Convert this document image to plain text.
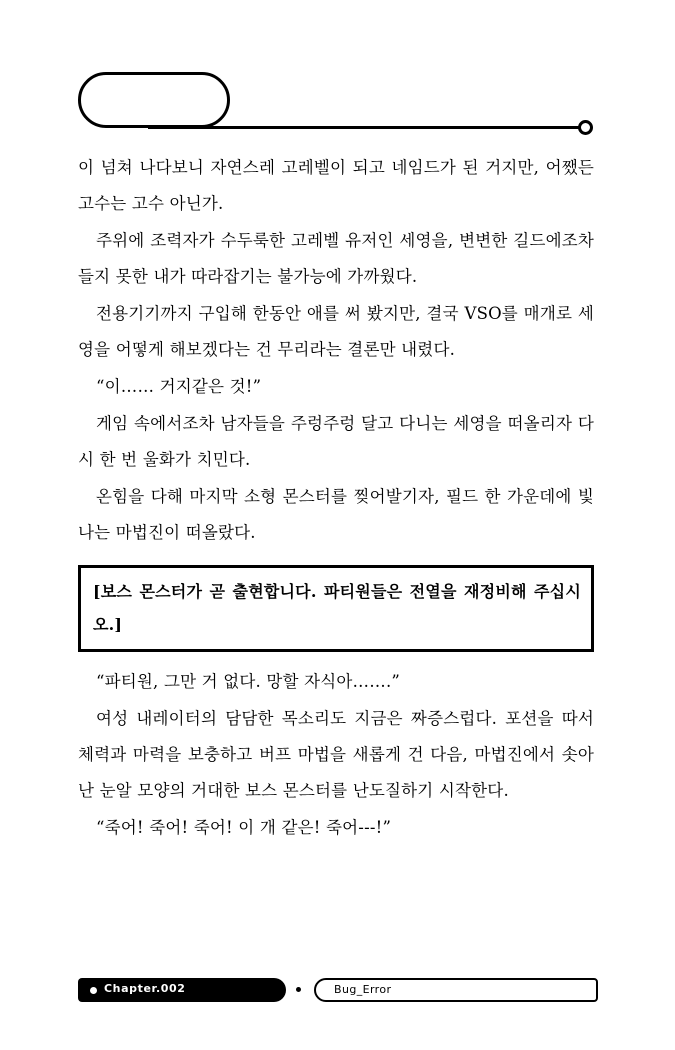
이 넘쳐 나다보니 자연스레 고레벨이 되고 네임드가 된 거지만, 어쨌든 고수는 고수 아닌가.

주위에 조력자가 수두룩한 고레벨 유저인 세영을, 변변한 길드에조차 들지 못한 내가 따라잡기는 불가능에 가까웠다.

전용기기까지 구입해 한동안 애를 써 봤지만, 결국 VSO를 매개로 세영을 어떻게 해보겠다는 건 무리라는 결론만 내렸다.

“이…… 거지같은 것!”

게임 속에서조차 남자들을 주렁주렁 달고 다니는 세영을 떠올리자 다시 한 번 울화가 치민다.

온힘을 다해 마지막 소형 몬스터를 찢어발기자, 필드 한 가운데에 빛나는 마법진이 떠올랐다.

[보스 몬스터가 곧 출현합니다. 파티원들은 전열을 재정비해 주십시오.]

“파티원, 그만 거 없다. 망할 자식아…….”

여성 내레이터의 담담한 목소리도 지금은 짜증스럽다. 포션을 따서 체력과 마력을 보충하고 버프 마법을 새롭게 건 다음, 마법진에서 솟아난 눈알 모양의 거대한 보스 몬스터를 난도질하기 시작한다.

“죽어! 죽어! 죽어! 이 개 같은! 죽어---!”

Chapter.002	Bug_Error
